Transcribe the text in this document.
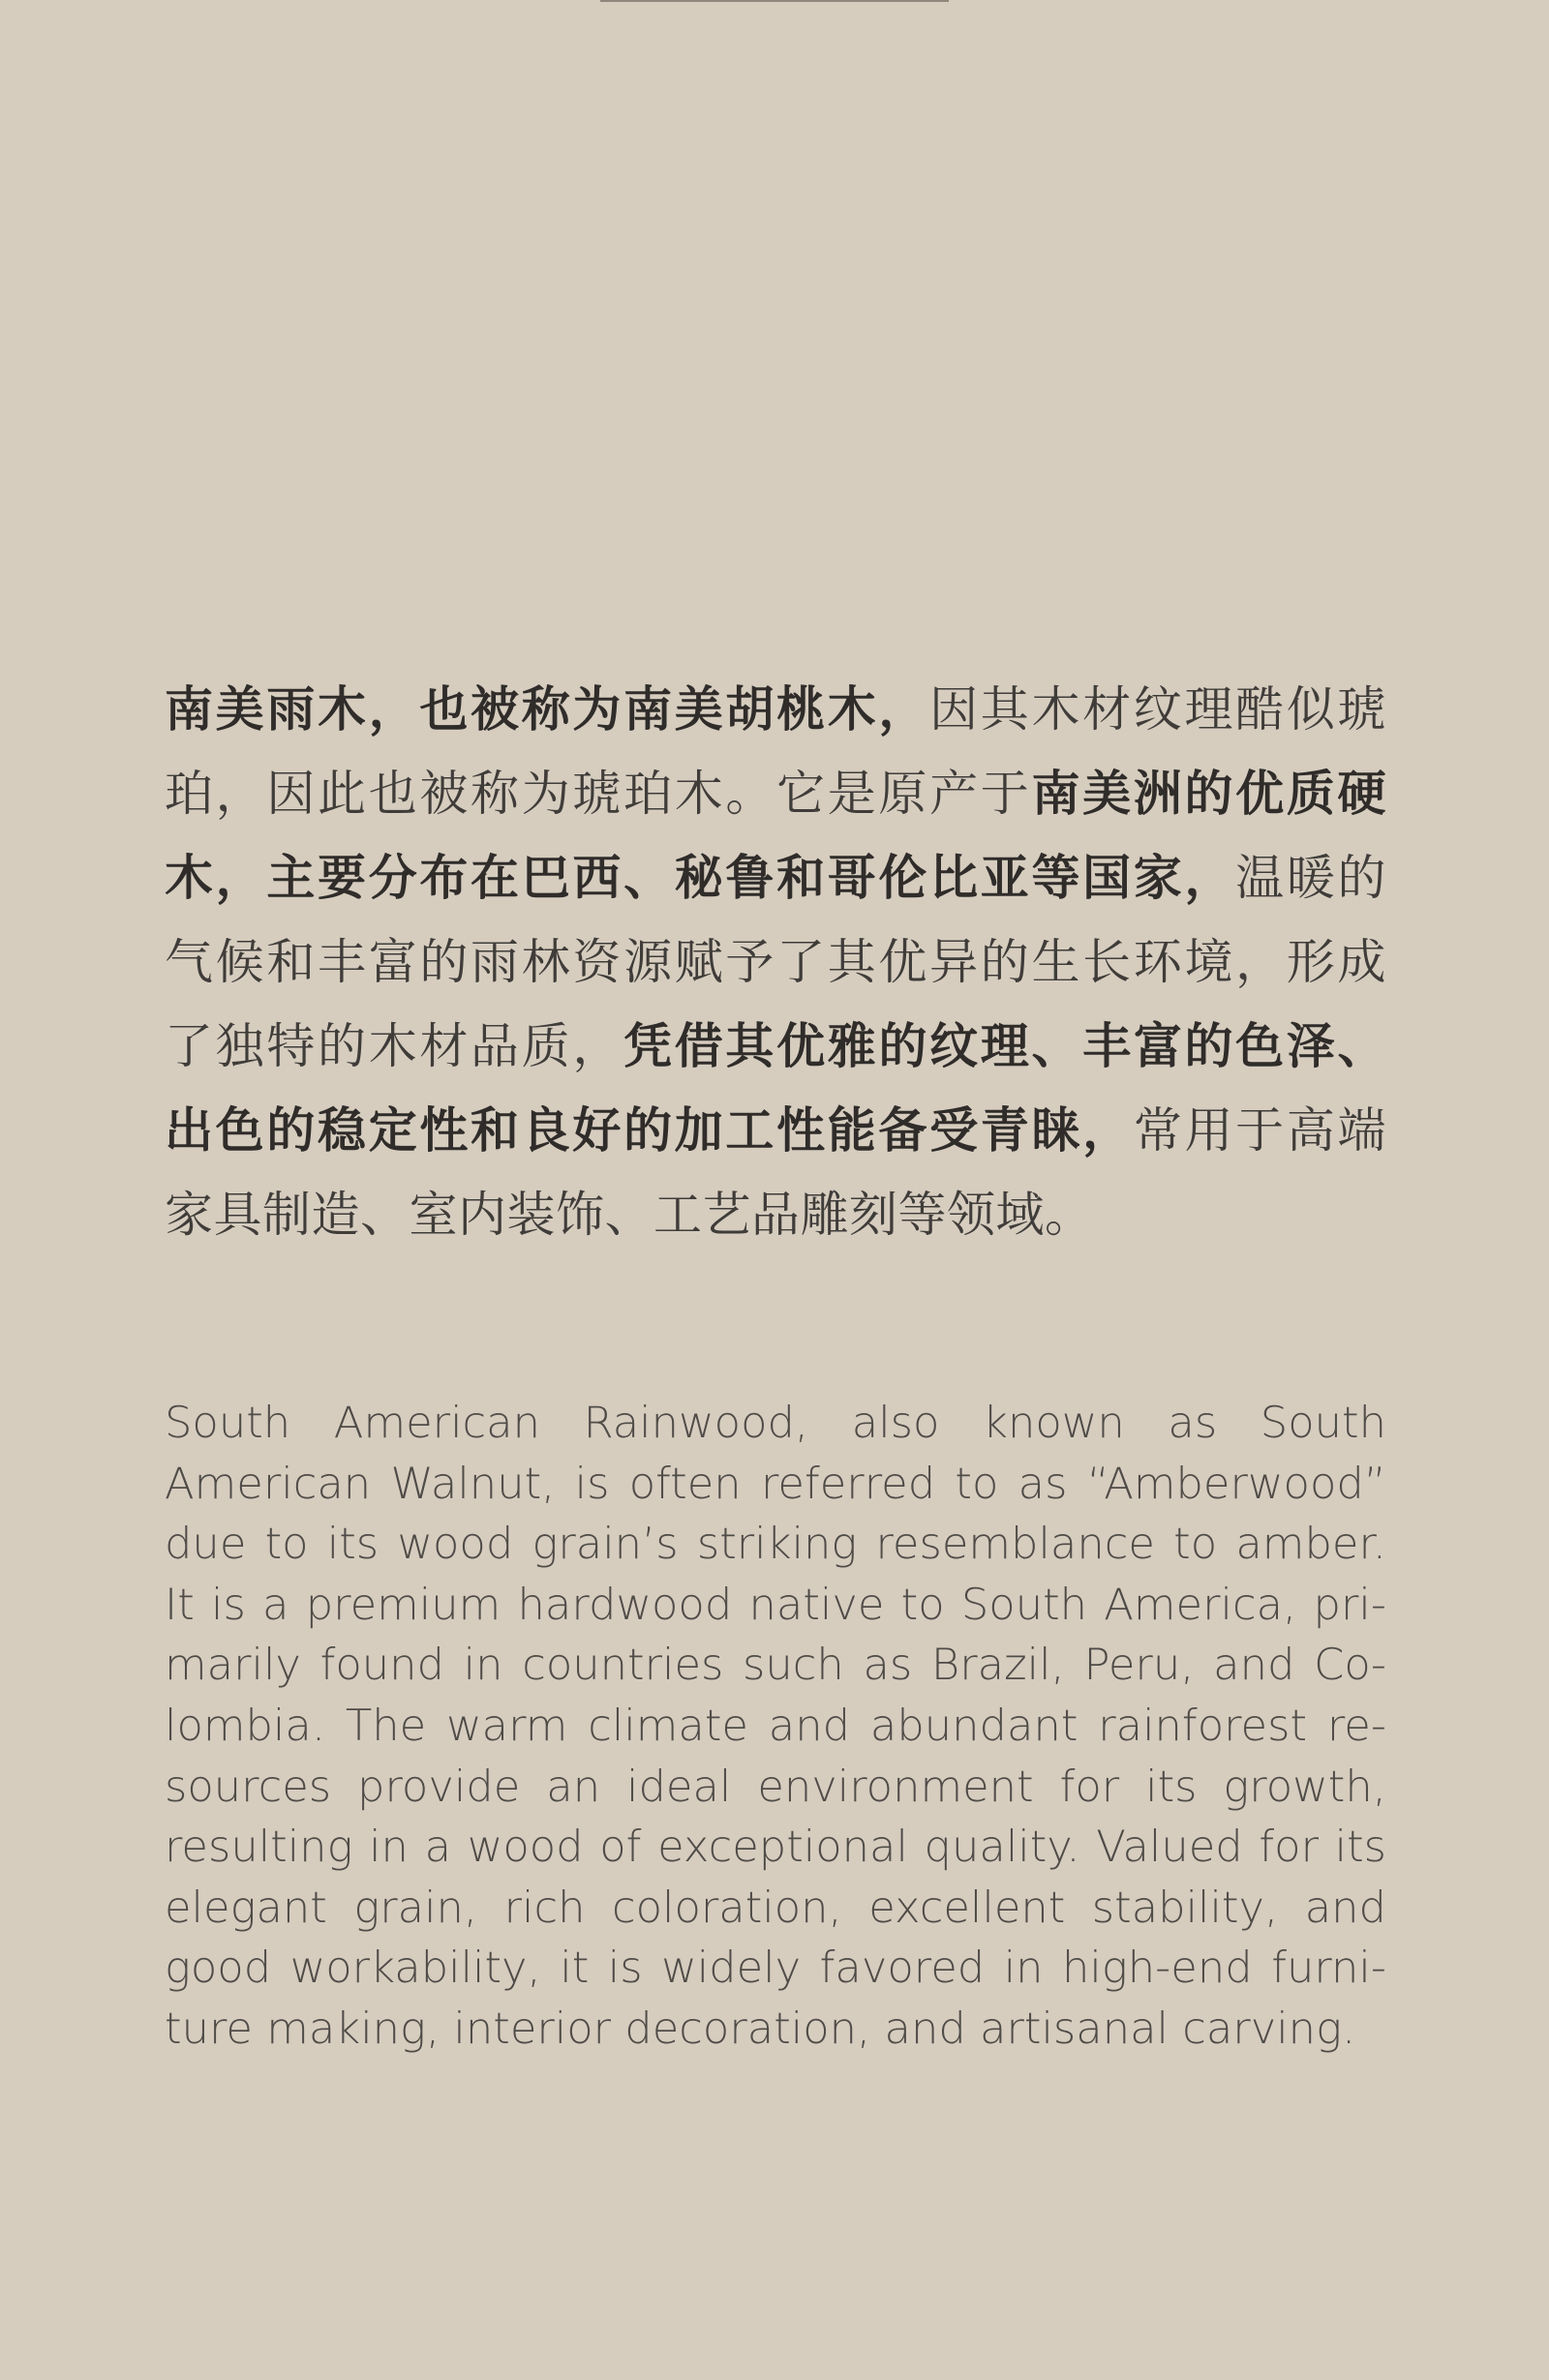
南美雨木，也被称为南美胡桃木，因其木材纹理酷似琥珀，因此也被称为琥珀木。它是原产于南美洲的优质硬木，主要分布在巴西、秘鲁和哥伦比亚等国家，温暖的气候和丰富的雨林资源赋予了其优异的生长环境，形成了独特的木材品质，凭借其优雅的纹理、丰富的色泽、出色的稳定性和良好的加工性能备受青睐，常用于高端家具制造、室内装饰、工艺品雕刻等领域。

South American Rainwood, also known as South American Walnut, is often referred to as “Amberwood” due to its wood grain’s striking resemblance to amber. It is a premium hardwood native to South America, primarily found in countries such as Brazil, Peru, and Colombia. The warm climate and abundant rainforest resources provide an ideal environment for its growth, resulting in a wood of exceptional quality. Valued for its elegant grain, rich coloration, excellent stability, and good workability, it is widely favored in high-end furniture making, interior decoration, and artisanal carving.
